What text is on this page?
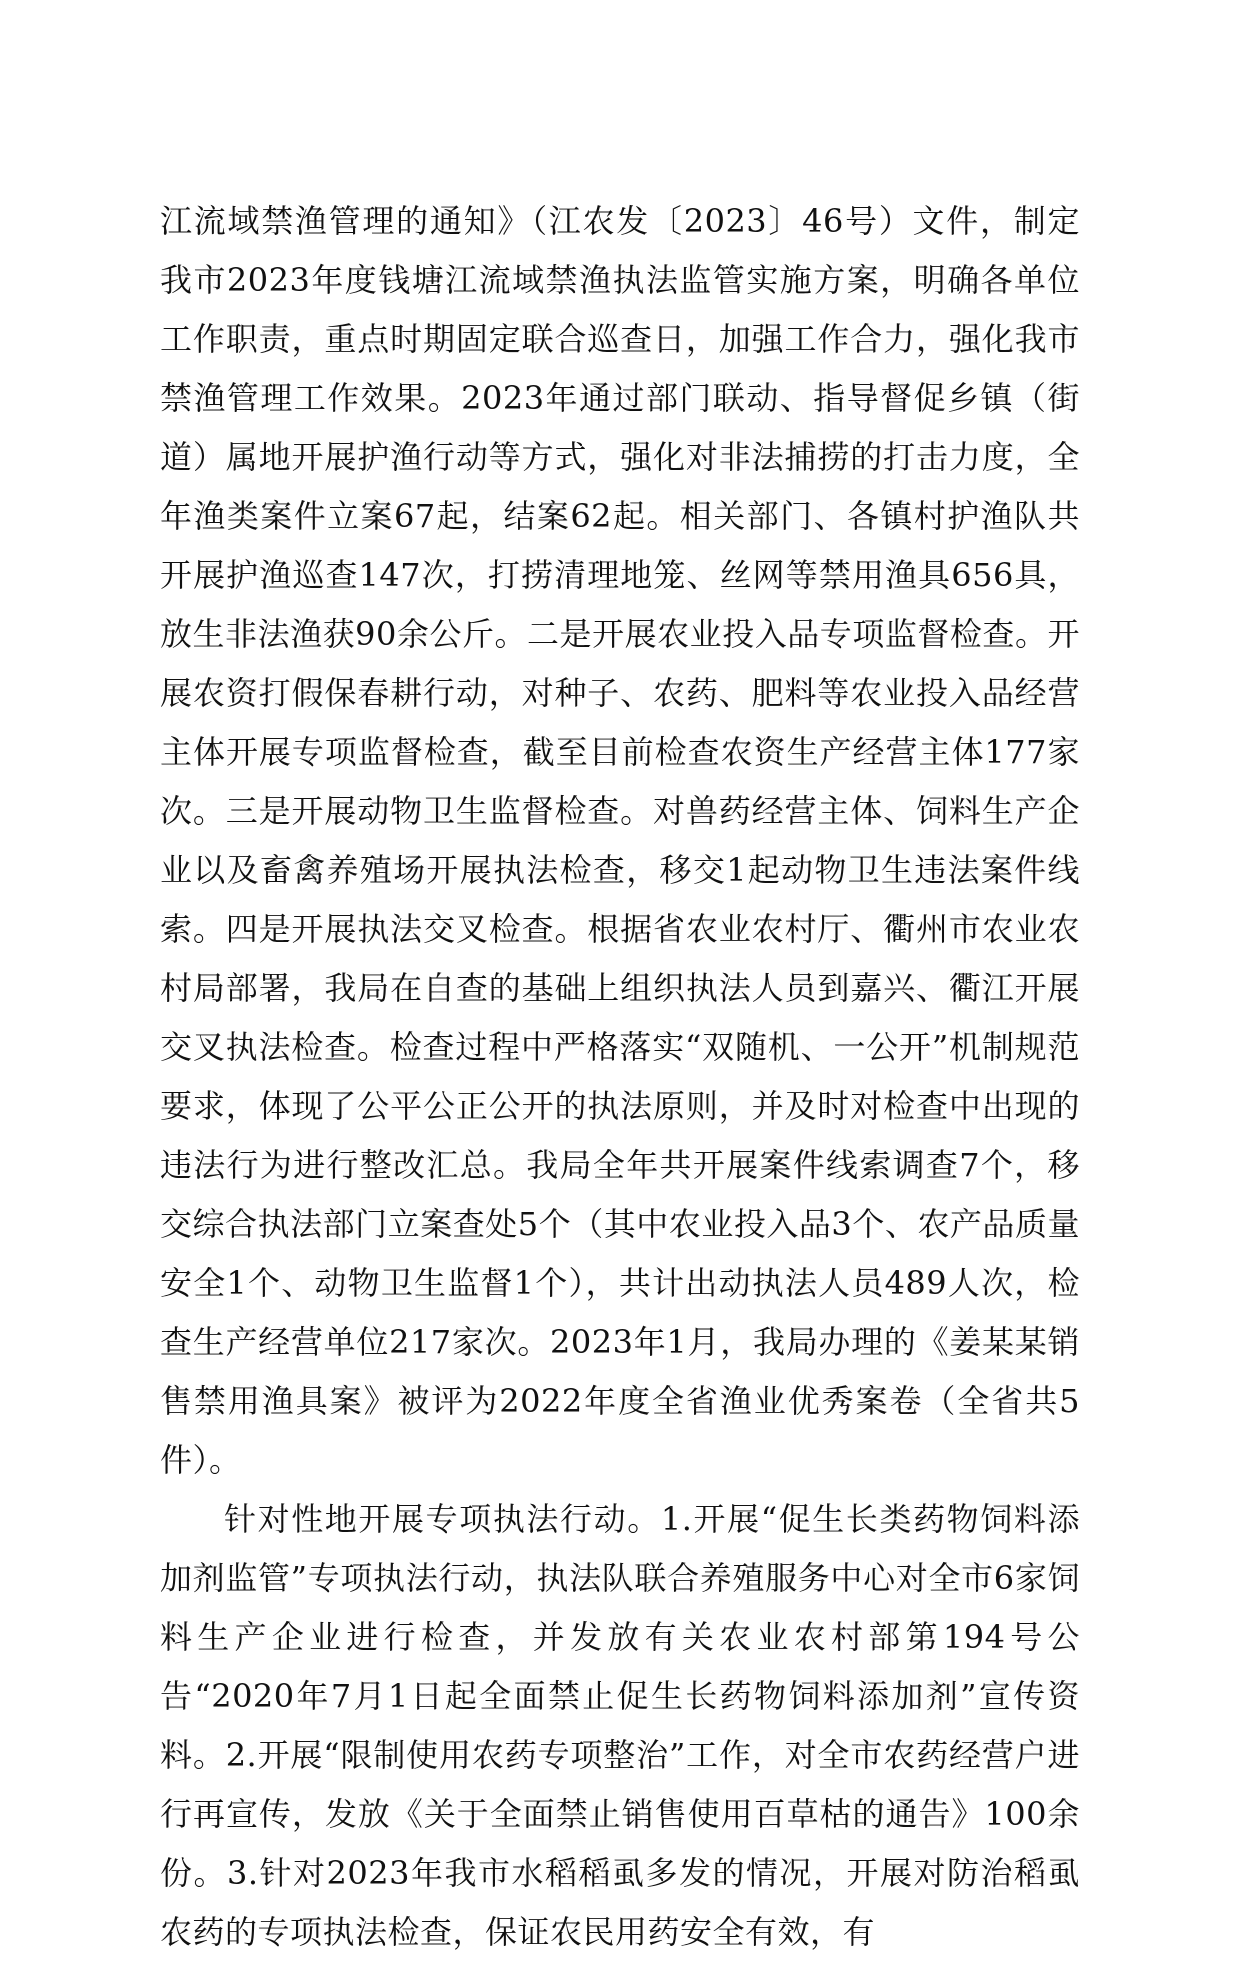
江流域禁渔管理的通知》（江农发〔2023〕46号）文件，制定我市2023年度钱塘江流域禁渔执法监管实施方案，明确各单位工作职责，重点时期固定联合巡查日，加强工作合力，强化我市禁渔管理工作效果。2023年通过部门联动、指导督促乡镇（街道）属地开展护渔行动等方式，强化对非法捕捞的打击力度，全年渔类案件立案67起，结案62起。相关部门、各镇村护渔队共开展护渔巡查147次，打捞清理地笼、丝网等禁用渔具656具，放生非法渔获90余公斤。二是开展农业投入品专项监督检查。开展农资打假保春耕行动，对种子、农药、肥料等农业投入品经营主体开展专项监督检查，截至目前检查农资生产经营主体177家次。三是开展动物卫生监督检查。对兽药经营主体、饲料生产企业以及畜禽养殖场开展执法检查，移交1起动物卫生违法案件线索。四是开展执法交叉检查。根据省农业农村厅、衢州市农业农村局部署，我局在自查的基础上组织执法人员到嘉兴、衢江开展交叉执法检查。检查过程中严格落实“双随机、一公开”机制规范要求，体现了公平公正公开的执法原则，并及时对检查中出现的违法行为进行整改汇总。我局全年共开展案件线索调查7个，移交综合执法部门立案查处5个（其中农业投入品3个、农产品质量安全1个、动物卫生监督1个），共计出动执法人员489人次，检查生产经营单位217家次。2023年1月，我局办理的《姜某某销售禁用渔具案》被评为2022年度全省渔业优秀案卷（全省共5件）。

针对性地开展专项执法行动。1.开展“促生长类药物饲料添加剂监管”专项执法行动，执法队联合养殖服务中心对全市6家饲料生产企业进行检查，并发放有关农业农村部第194号公告“2020年7月1日起全面禁止促生长药物饲料添加剂”宣传资料。2.开展“限制使用农药专项整治”工作，对全市农药经营户进行再宣传，发放《关于全面禁止销售使用百草枯的通告》100余份。3.针对2023年我市水稻稻虱多发的情况，开展对防治稻虱农药的专项执法检查，保证农民用药安全有效，有
